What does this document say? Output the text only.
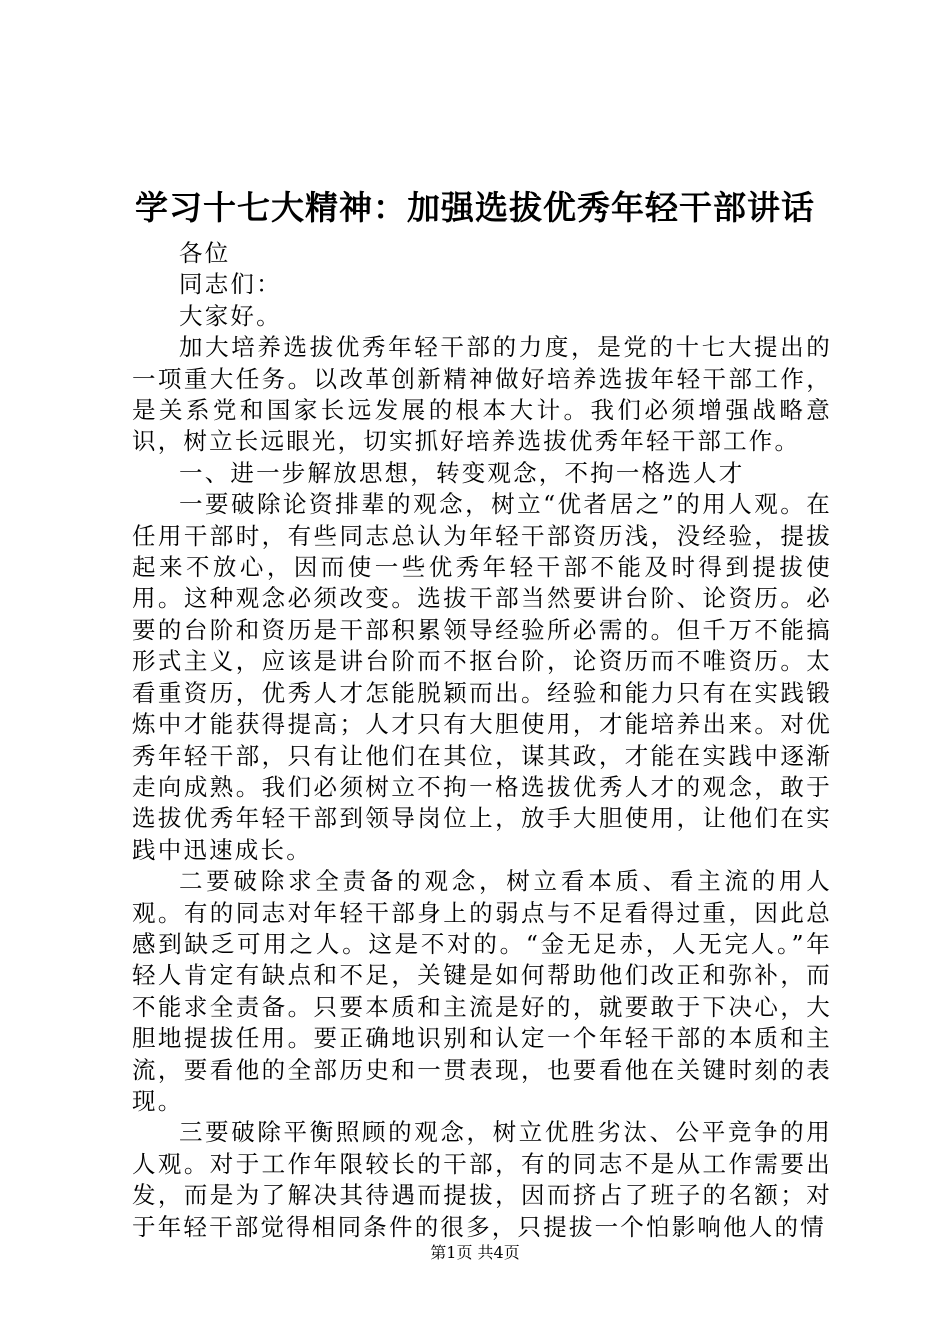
学习十七大精神：加强选拔优秀年轻干部讲话

各位

同志们：

大家好。

加大培养选拔优秀年轻干部的力度，是党的十七大提出的一项重大任务。以改革创新精神做好培养选拔年轻干部工作，是关系党和国家长远发展的根本大计。我们必须增强战略意识，树立长远眼光，切实抓好培养选拔优秀年轻干部工作。

一、进一步解放思想，转变观念，不拘一格选人才

一要破除论资排辈的观念，树立“优者居之”的用人观。在任用干部时，有些同志总认为年轻干部资历浅，没经验，提拔起来不放心，因而使一些优秀年轻干部不能及时得到提拔使用。这种观念必须改变。选拔干部当然要讲台阶、论资历。必要的台阶和资历是干部积累领导经验所必需的。但千万不能搞形式主义，应该是讲台阶而不抠台阶，论资历而不唯资历。太看重资历，优秀人才怎能脱颖而出。经验和能力只有在实践锻炼中才能获得提高；人才只有大胆使用，才能培养出来。对优秀年轻干部，只有让他们在其位，谋其政，才能在实践中逐渐走向成熟。我们必须树立不拘一格选拔优秀人才的观念，敢于选拔优秀年轻干部到领导岗位上，放手大胆使用，让他们在实践中迅速成长。

二要破除求全责备的观念，树立看本质、看主流的用人观。有的同志对年轻干部身上的弱点与不足看得过重，因此总感到缺乏可用之人。这是不对的。“金无足赤，人无完人。”年轻人肯定有缺点和不足，关键是如何帮助他们改正和弥补，而不能求全责备。只要本质和主流是好的，就要敢于下决心，大胆地提拔任用。要正确地识别和认定一个年轻干部的本质和主流，要看他的全部历史和一贯表现，也要看他在关键时刻的表现。

三要破除平衡照顾的观念，树立优胜劣汰、公平竞争的用人观。对于工作年限较长的干部，有的同志不是从工作需要出发，而是为了解决其待遇而提拔，因而挤占了班子的名额；对于年轻干部觉得相同条件的很多，只提拔一个怕影响他人的情

第1页 共4页
